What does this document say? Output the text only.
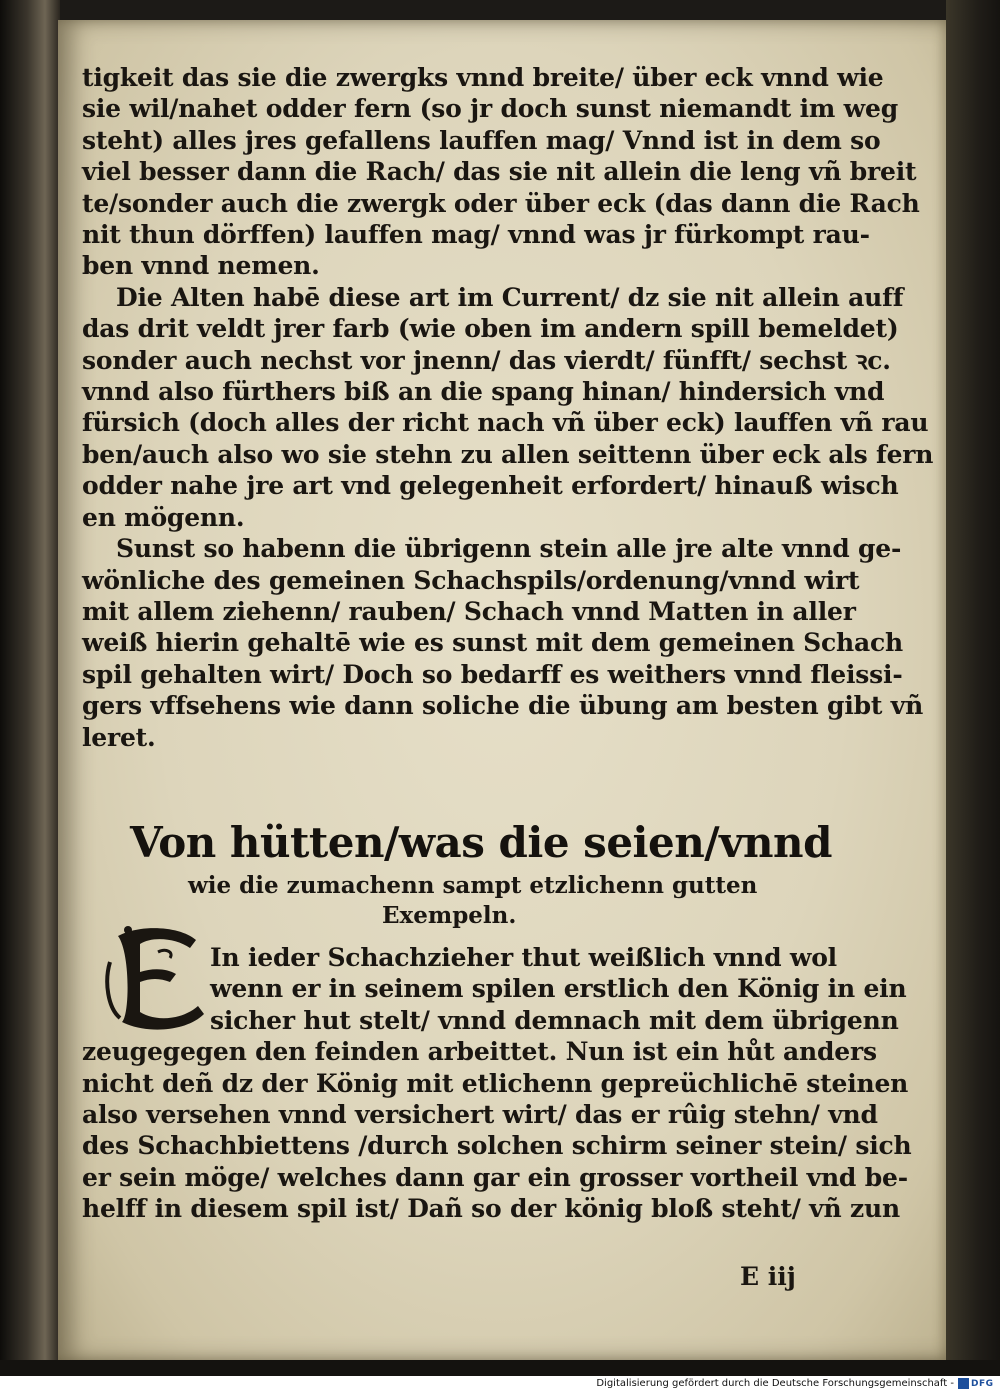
tigkeit das sie die zwergks vnnd breite/ über eck vnnd wie
sie wil/nahet odder fern (so jr doch sunst niemandt im weg
steht) alles jres gefallens lauffen mag/ Vnnd ist in dem so
viel besser dann die Rach/ das sie nit allein die leng vñ breit
te/sonder auch die zwergk oder über eck (das dann die Rach
nit thun dörffen) lauffen mag/ vnnd was jr fürkompt rau-
ben vnnd nemen.
Die Alten habē diese art im Current/ dz sie nit allein auff
das drit veldt jrer farb (wie oben im andern spill bemeldet)
sonder auch nechst vor jnenn/ das vierdt/ fünfft/ sechst ꝛc.
vnnd also fürthers biß an die spang hinan/ hindersich vnd
fürsich (doch alles der richt nach vñ über eck) lauffen vñ rau
ben/auch also wo sie stehn zu allen seittenn über eck als fern
odder nahe jre art vnd gelegenheit erfordert/ hinauß wisch
en mögenn.
Sunst so habenn die übrigenn stein alle jre alte vnnd ge-
wönliche des gemeinen Schachspils/ordenung/vnnd wirt
mit allem ziehenn/ rauben/ Schach vnnd Matten in aller
weiß hierin gehaltē wie es sunst mit dem gemeinen Schach
spil gehalten wirt/ Doch so bedarff es weithers vnnd fleissi-
gers vffsehens wie dann soliche die übung am besten gibt vñ
leret.
Von hütten/was die seien/vnnd
wie die zumachenn sampt etzlichenn gutten
Exempeln.
In ieder Schachzieher thut weißlich vnnd wol
wenn er in seinem spilen erstlich den König in ein
sicher hut stelt/ vnnd demnach mit dem übrigenn
zeugegegen den feinden arbeittet. Nun ist ein hůt anders
nicht deñ dz der König mit etlichenn gepreüchlichē steinen
also versehen vnnd versichert wirt/ das er rûig stehn/ vnd
des Schachbiettens /durch solchen schirm seiner stein/ sich
er sein möge/ welches dann gar ein grosser vortheil vnd be-
helff in diesem spil ist/ Dañ so der könig bloß steht/ vñ zun
E iij
Digitalisierung gefördert durch die Deutsche Forschungsgemeinschaft - DFG
